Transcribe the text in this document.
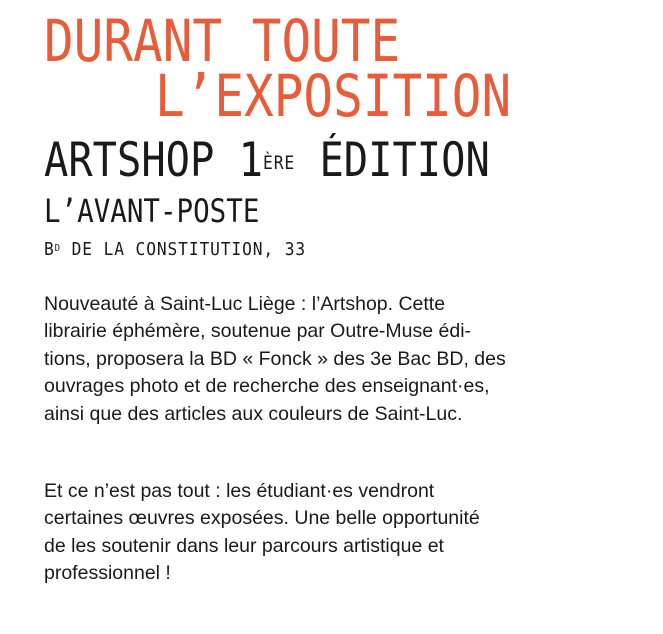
DURANT TOUTE
L’EXPOSITION
ARTSHOP 1ÈRE ÉDITION
L’AVANT-POSTE
$B^D$ DE LA CONSTITUTION, 33
Nouveauté à Saint-Luc Liège : l’Artshop. Cette
librairie éphémère, soutenue par Outre-Muse édi-
tions, proposera la BD « Fonck » des 3e Bac BD, des
ouvrages photo et de recherche des enseignant·es,
ainsi que des articles aux couleurs de Saint-Luc.
Et ce n’est pas tout : les étudiant·es vendront
certaines œuvres exposées. Une belle opportunité
de les soutenir dans leur parcours artistique et
professionnel !
